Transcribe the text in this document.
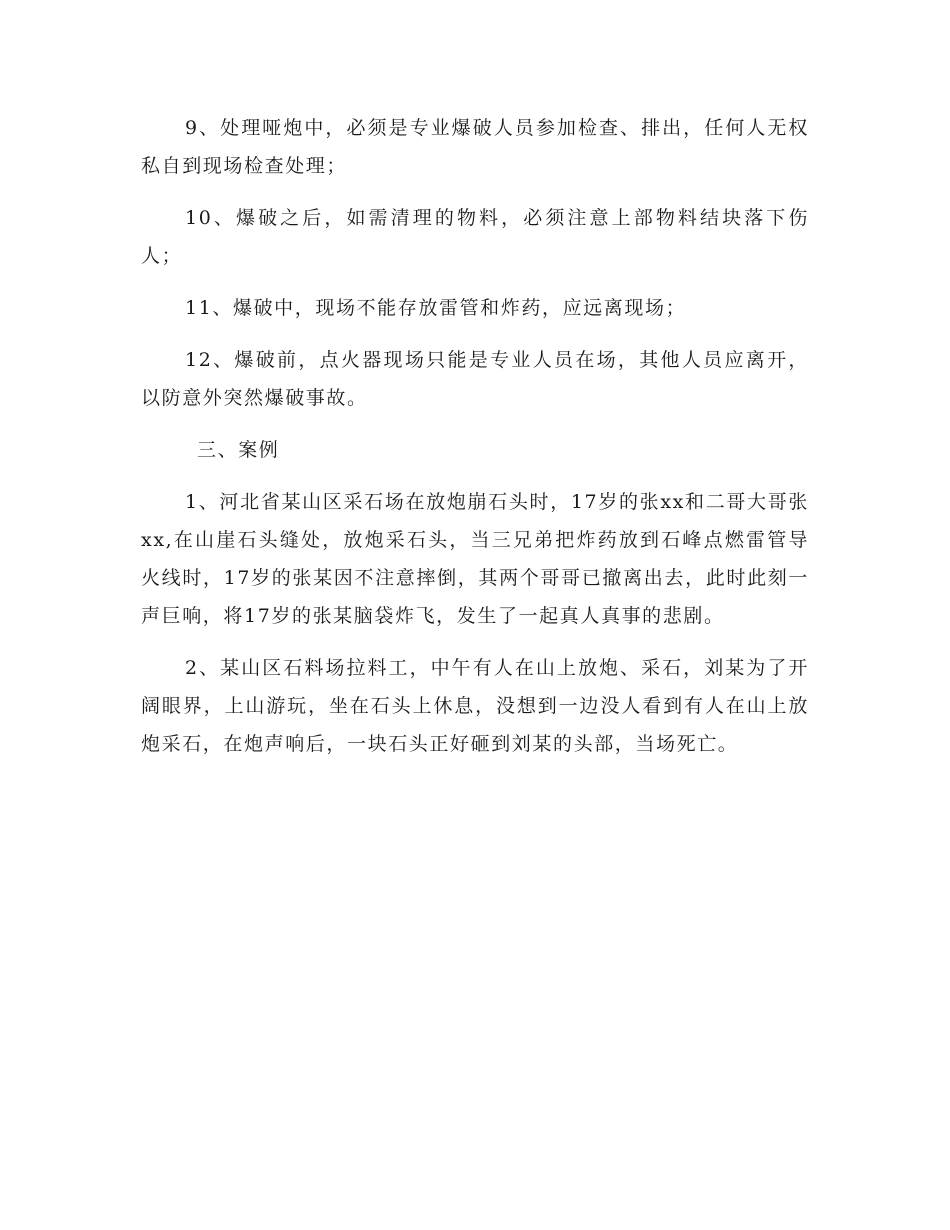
9、处理哑炮中，必须是专业爆破人员参加检查、排出，任何人无权私自到现场检查处理；

10、爆破之后，如需清理的物料，必须注意上部物料结块落下伤人；

11、爆破中，现场不能存放雷管和炸药，应远离现场；

12、爆破前，点火器现场只能是专业人员在场，其他人员应离开，以防意外突然爆破事故。

三、案例

1、河北省某山区采石场在放炮崩石头时，17岁的张xx和二哥大哥张xx,在山崖石头缝处，放炮采石头，当三兄弟把炸药放到石峰点燃雷管导火线时，17岁的张某因不注意摔倒，其两个哥哥已撤离出去，此时此刻一声巨响，将17岁的张某脑袋炸飞，发生了一起真人真事的悲剧。

2、某山区石料场拉料工，中午有人在山上放炮、采石，刘某为了开阔眼界，上山游玩，坐在石头上休息，没想到一边没人看到有人在山上放炮采石，在炮声响后，一块石头正好砸到刘某的头部，当场死亡。
